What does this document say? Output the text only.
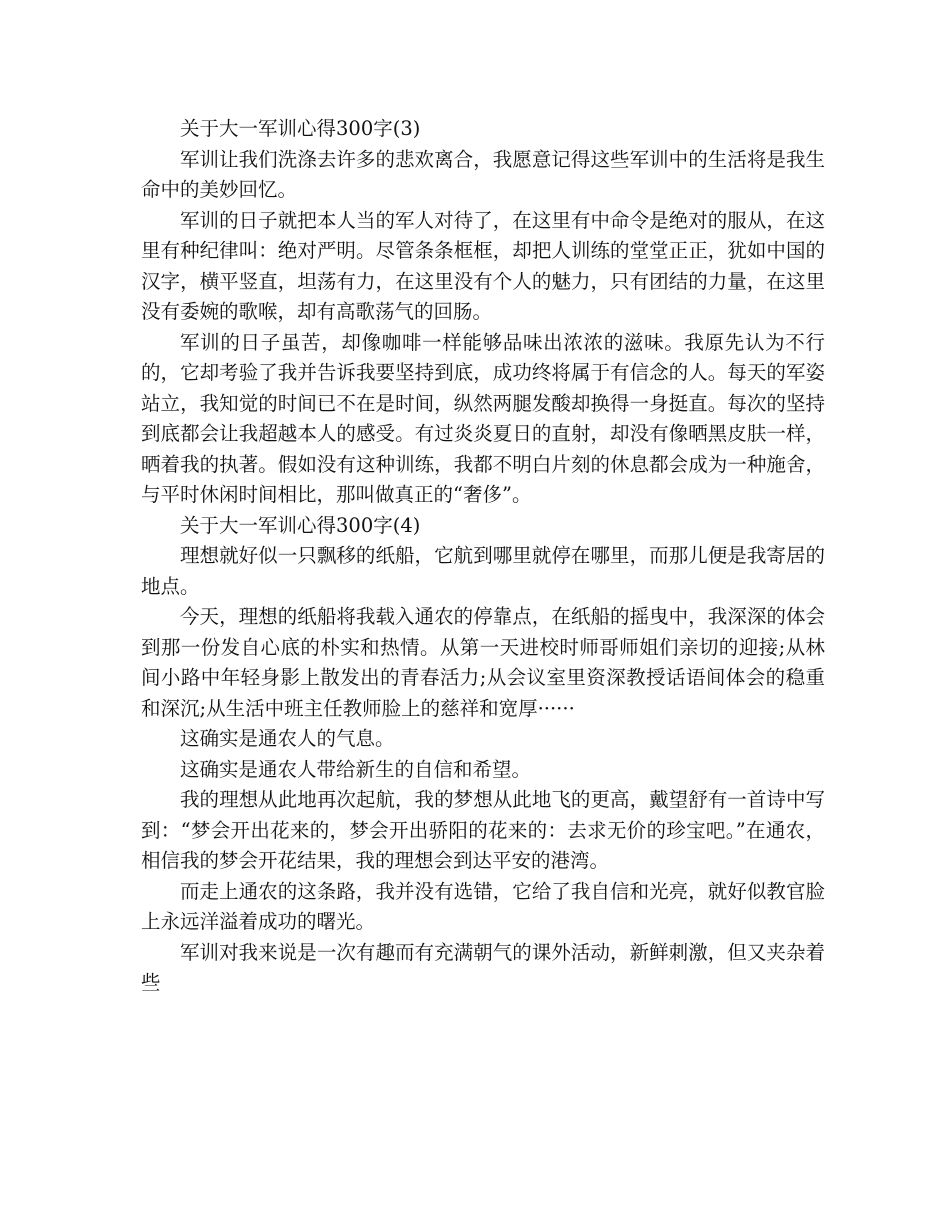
关于大一军训心得300字(3)

军训让我们洗涤去许多的悲欢离合，我愿意记得这些军训中的生活将是我生命中的美妙回忆。

军训的日子就把本人当的军人对待了，在这里有中命令是绝对的服从，在这里有种纪律叫：绝对严明。尽管条条框框，却把人训练的堂堂正正，犹如中国的汉字，横平竖直，坦荡有力，在这里没有个人的魅力，只有团结的力量，在这里没有委婉的歌喉，却有高歌荡气的回肠。

军训的日子虽苦，却像咖啡一样能够品味出浓浓的滋味。我原先认为不行的，它却考验了我并告诉我要坚持到底，成功终将属于有信念的人。每天的军姿站立，我知觉的时间已不在是时间，纵然两腿发酸却换得一身挺直。每次的坚持到底都会让我超越本人的感受。有过炎炎夏日的直射，却没有像晒黑皮肤一样，晒着我的执著。假如没有这种训练，我都不明白片刻的休息都会成为一种施舍，与平时休闲时间相比，那叫做真正的“奢侈”。

关于大一军训心得300字(4)

理想就好似一只飘移的纸船，它航到哪里就停在哪里，而那儿便是我寄居的地点。

今天，理想的纸船将我载入通农的停靠点，在纸船的摇曳中，我深深的体会到那一份发自心底的朴实和热情。从第一天进校时师哥师姐们亲切的迎接;从林间小路中年轻身影上散发出的青春活力;从会议室里资深教授话语间体会的稳重和深沉;从生活中班主任教师脸上的慈祥和宽厚······

这确实是通农人的气息。

这确实是通农人带给新生的自信和希望。

我的理想从此地再次起航，我的梦想从此地飞的更高，戴望舒有一首诗中写到：“梦会开出花来的，梦会开出骄阳的花来的：去求无价的珍宝吧。”在通农，相信我的梦会开花结果，我的理想会到达平安的港湾。

而走上通农的这条路，我并没有选错，它给了我自信和光亮，就好似教官脸上永远洋溢着成功的曙光。

军训对我来说是一次有趣而有充满朝气的课外活动，新鲜刺激，但又夹杂着些
